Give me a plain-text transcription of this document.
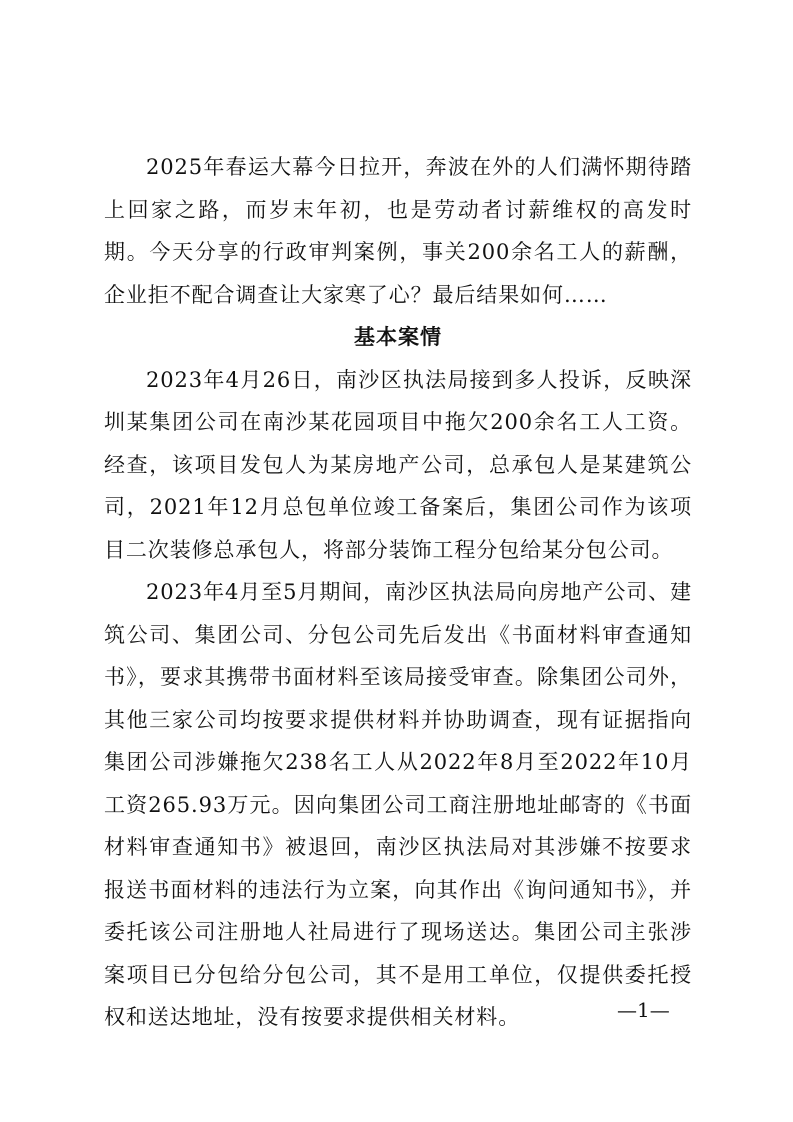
2025年春运大幕今日拉开，奔波在外的人们满怀期待踏上回家之路，而岁末年初，也是劳动者讨薪维权的高发时期。今天分享的行政审判案例，事关200余名工人的薪酬，企业拒不配合调查让大家寒了心？最后结果如何……

基本案情

2023年4月26日，南沙区执法局接到多人投诉，反映深圳某集团公司在南沙某花园项目中拖欠200余名工人工资。经查，该项目发包人为某房地产公司，总承包人是某建筑公司，2021年12月总包单位竣工备案后，集团公司作为该项目二次装修总承包人，将部分装饰工程分包给某分包公司。

2023年4月至5月期间，南沙区执法局向房地产公司、建筑公司、集团公司、分包公司先后发出《书面材料审查通知书》，要求其携带书面材料至该局接受审查。除集团公司外，其他三家公司均按要求提供材料并协助调查，现有证据指向集团公司涉嫌拖欠238名工人从2022年8月至2022年10月工资265.93万元。因向集团公司工商注册地址邮寄的《书面材料审查通知书》被退回，南沙区执法局对其涉嫌不按要求报送书面材料的违法行为立案，向其作出《询问通知书》，并委托该公司注册地人社局进行了现场送达。集团公司主张涉案项目已分包给分包公司，其不是用工单位，仅提供委托授权和送达地址，没有按要求提供相关材料。	—1—
